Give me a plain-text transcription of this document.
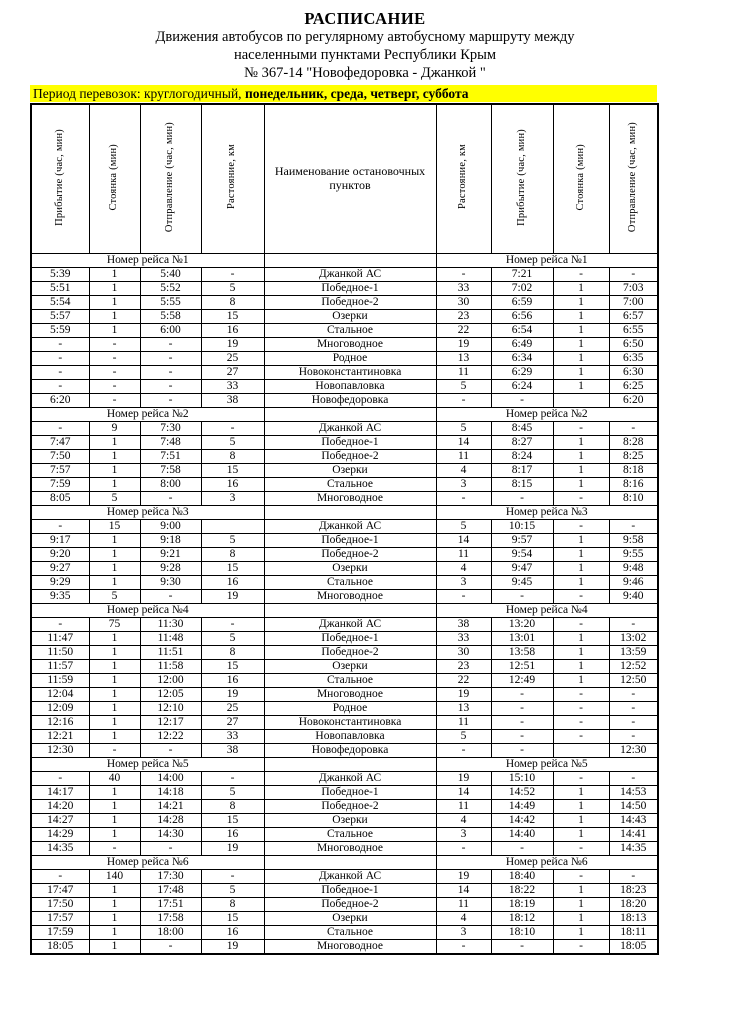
РАСПИСАНИЕ
Движения автобусов по регулярному автобусному маршруту между
населенными пунктами Республики Крым
№ 367-14 "Новофедоровка - Джанкой "
Период перевозок: круглогодичный, понедельник, среда, четверг, суббота
Прибытие (час, мин)	Стоянка (мин)	Отправление (час, мин)	Растояние, км	Наименование остановочных пунктов	Растояние, км	Прибытие (час, мин)	Стоянка (мин)	Отправление (час, мин)
Номер рейса №1					Номер рейса №1			
5:39	1	5:40	-	Джанкой АС	-	7:21	-	-
5:51	1	5:52	5	Победное-1	33	7:02	1	7:03
5:54	1	5:55	8	Победное-2	30	6:59	1	7:00
5:57	1	5:58	15	Озерки	23	6:56	1	6:57
5:59	1	6:00	16	Стальное	22	6:54	1	6:55
-	-	-	19	Многоводное	19	6:49	1	6:50
-	-	-	25	Родное	13	6:34	1	6:35
-	-	-	27	Новоконстантиновка	11	6:29	1	6:30
-	-	-	33	Новопавловка	5	6:24	1	6:25
6:20	-	-	38	Новофедоровка	-	-		6:20
Номер рейса №2					Номер рейса №2			
-	9	7:30	-	Джанкой АС	5	8:45	-	-
7:47	1	7:48	5	Победное-1	14	8:27	1	8:28
7:50	1	7:51	8	Победное-2	11	8:24	1	8:25
7:57	1	7:58	15	Озерки	4	8:17	1	8:18
7:59	1	8:00	16	Стальное	3	8:15	1	8:16
8:05	5	-	3	Многоводное	-	-	-	8:10
Номер рейса №3					Номер рейса №3			
-	15	9:00		Джанкой АС	5	10:15	-	-
9:17	1	9:18	5	Победное-1	14	9:57	1	9:58
9:20	1	9:21	8	Победное-2	11	9:54	1	9:55
9:27	1	9:28	15	Озерки	4	9:47	1	9:48
9:29	1	9:30	16	Стальное	3	9:45	1	9:46
9:35	5	-	19	Многоводное	-	-	-	9:40
Номер рейса №4					Номер рейса №4			
-	75	11:30	-	Джанкой АС	38	13:20	-	-
11:47	1	11:48	5	Победное-1	33	13:01	1	13:02
11:50	1	11:51	8	Победное-2	30	13:58	1	13:59
11:57	1	11:58	15	Озерки	23	12:51	1	12:52
11:59	1	12:00	16	Стальное	22	12:49	1	12:50
12:04	1	12:05	19	Многоводное	19	-	-	-
12:09	1	12:10	25	Родное	13	-	-	-
12:16	1	12:17	27	Новоконстантиновка	11	-	-	-
12:21	1	12:22	33	Новопавловка	5	-	-	-
12:30	-	-	38	Новофедоровка	-	-		12:30
Номер рейса №5					Номер рейса №5			
-	40	14:00	-	Джанкой АС	19	15:10	-	-
14:17	1	14:18	5	Победное-1	14	14:52	1	14:53
14:20	1	14:21	8	Победное-2	11	14:49	1	14:50
14:27	1	14:28	15	Озерки	4	14:42	1	14:43
14:29	1	14:30	16	Стальное	3	14:40	1	14:41
14:35	-	-	19	Многоводное	-	-	-	14:35
Номер рейса №6					Номер рейса №6			
-	140	17:30	-	Джанкой АС	19	18:40	-	-
17:47	1	17:48	5	Победное-1	14	18:22	1	18:23
17:50	1	17:51	8	Победное-2	11	18:19	1	18:20
17:57	1	17:58	15	Озерки	4	18:12	1	18:13
17:59	1	18:00	16	Стальное	3	18:10	1	18:11
18:05	1	-	19	Многоводное	-	-	-	18:05
